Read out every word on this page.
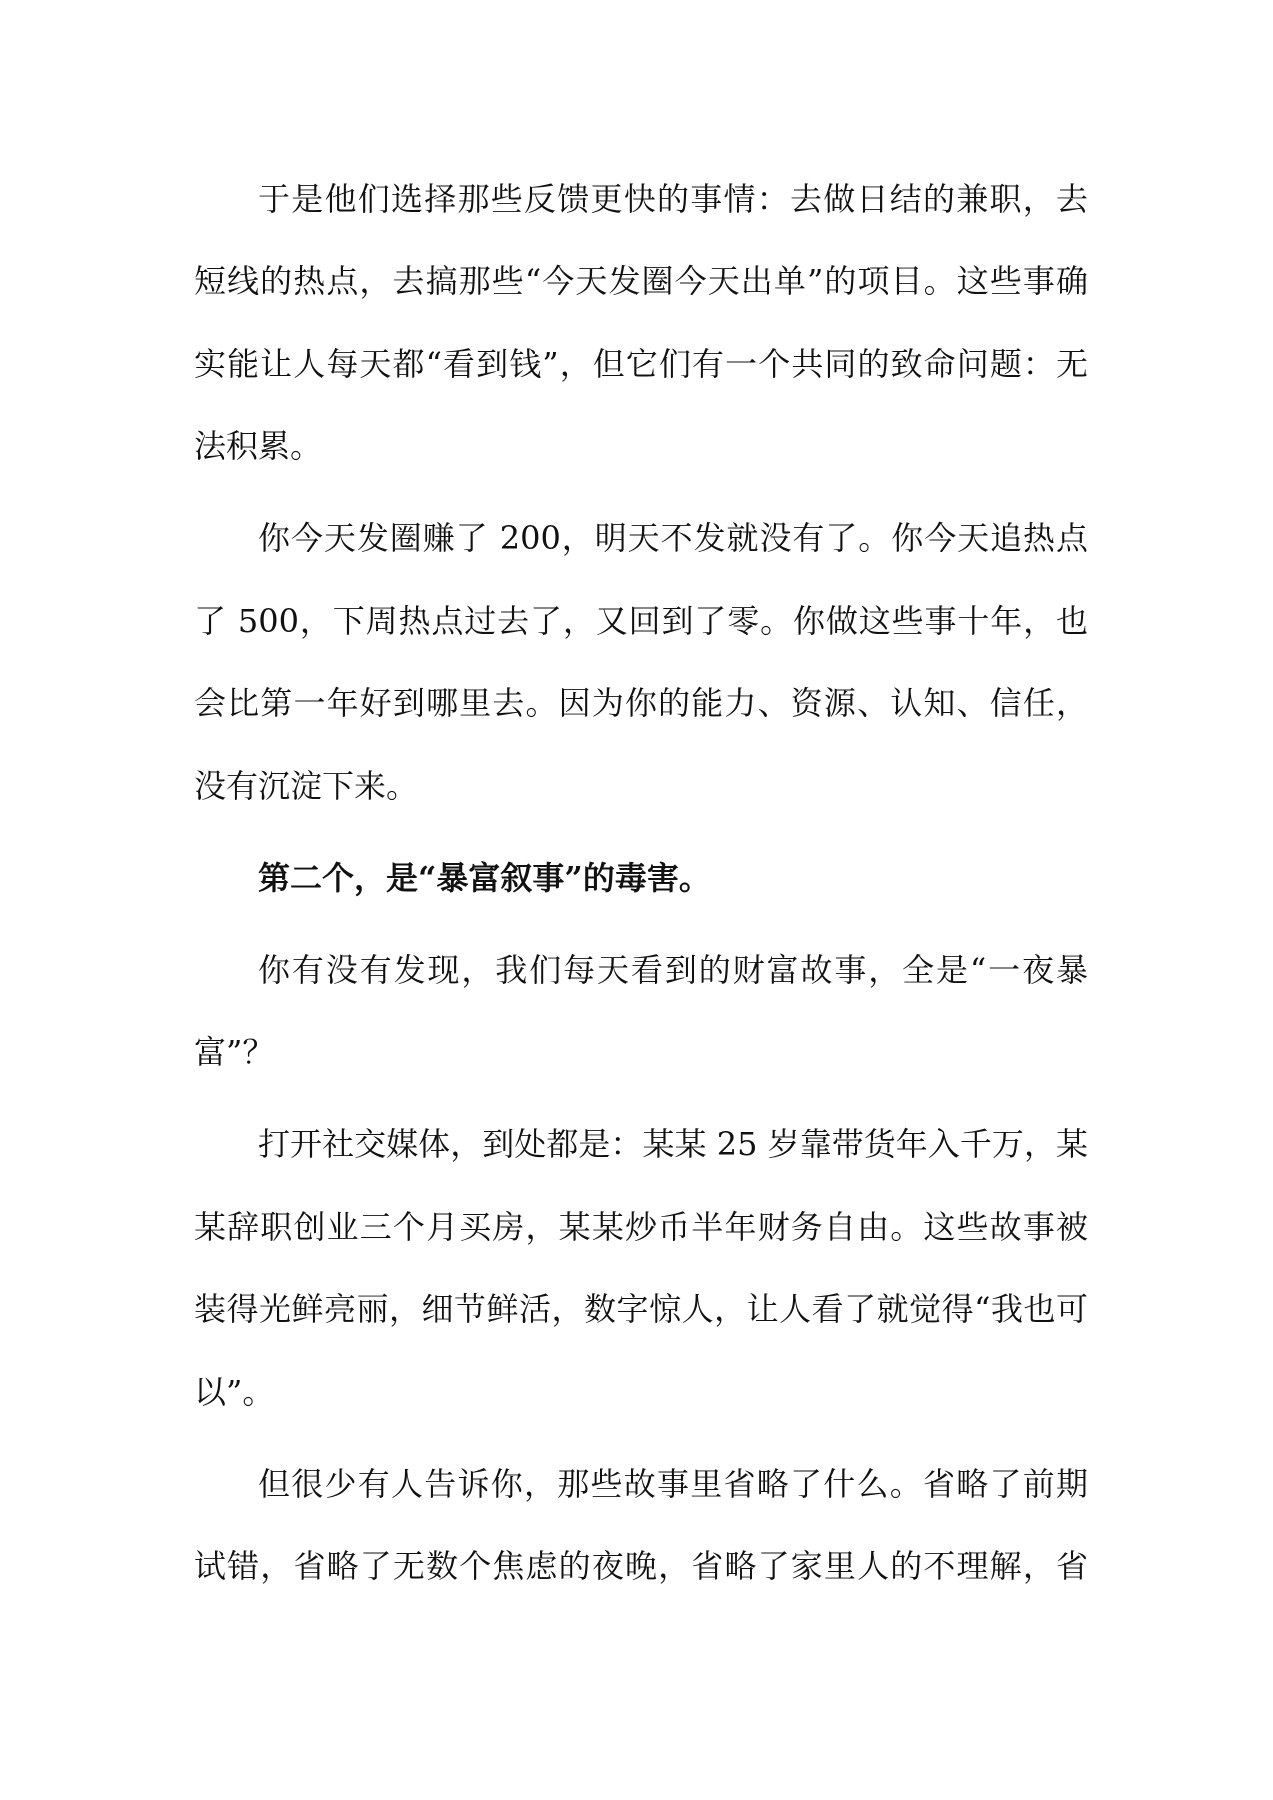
于是他们选择那些反馈更快的事情：去做日结的兼职，去
短线的热点，去搞那些“今天发圈今天出单”的项目。这些事确
实能让人每天都“看到钱”，但它们有一个共同的致命问题：无
法积累。
你今天发圈赚了 200，明天不发就没有了。你今天追热点
了 500，下周热点过去了，又回到了零。你做这些事十年，也
会比第一年好到哪里去。因为你的能力、资源、认知、信任，
没有沉淀下来。
第二个，是“暴富叙事”的毒害。
你有没有发现，我们每天看到的财富故事，全是“一夜暴
富”？
打开社交媒体，到处都是：某某 25 岁靠带货年入千万，某
某辞职创业三个月买房，某某炒币半年财务自由。这些故事被
装得光鲜亮丽，细节鲜活，数字惊人，让人看了就觉得“我也可
以”。
但很少有人告诉你，那些故事里省略了什么。省略了前期
试错，省略了无数个焦虑的夜晚，省略了家里人的不理解，省
